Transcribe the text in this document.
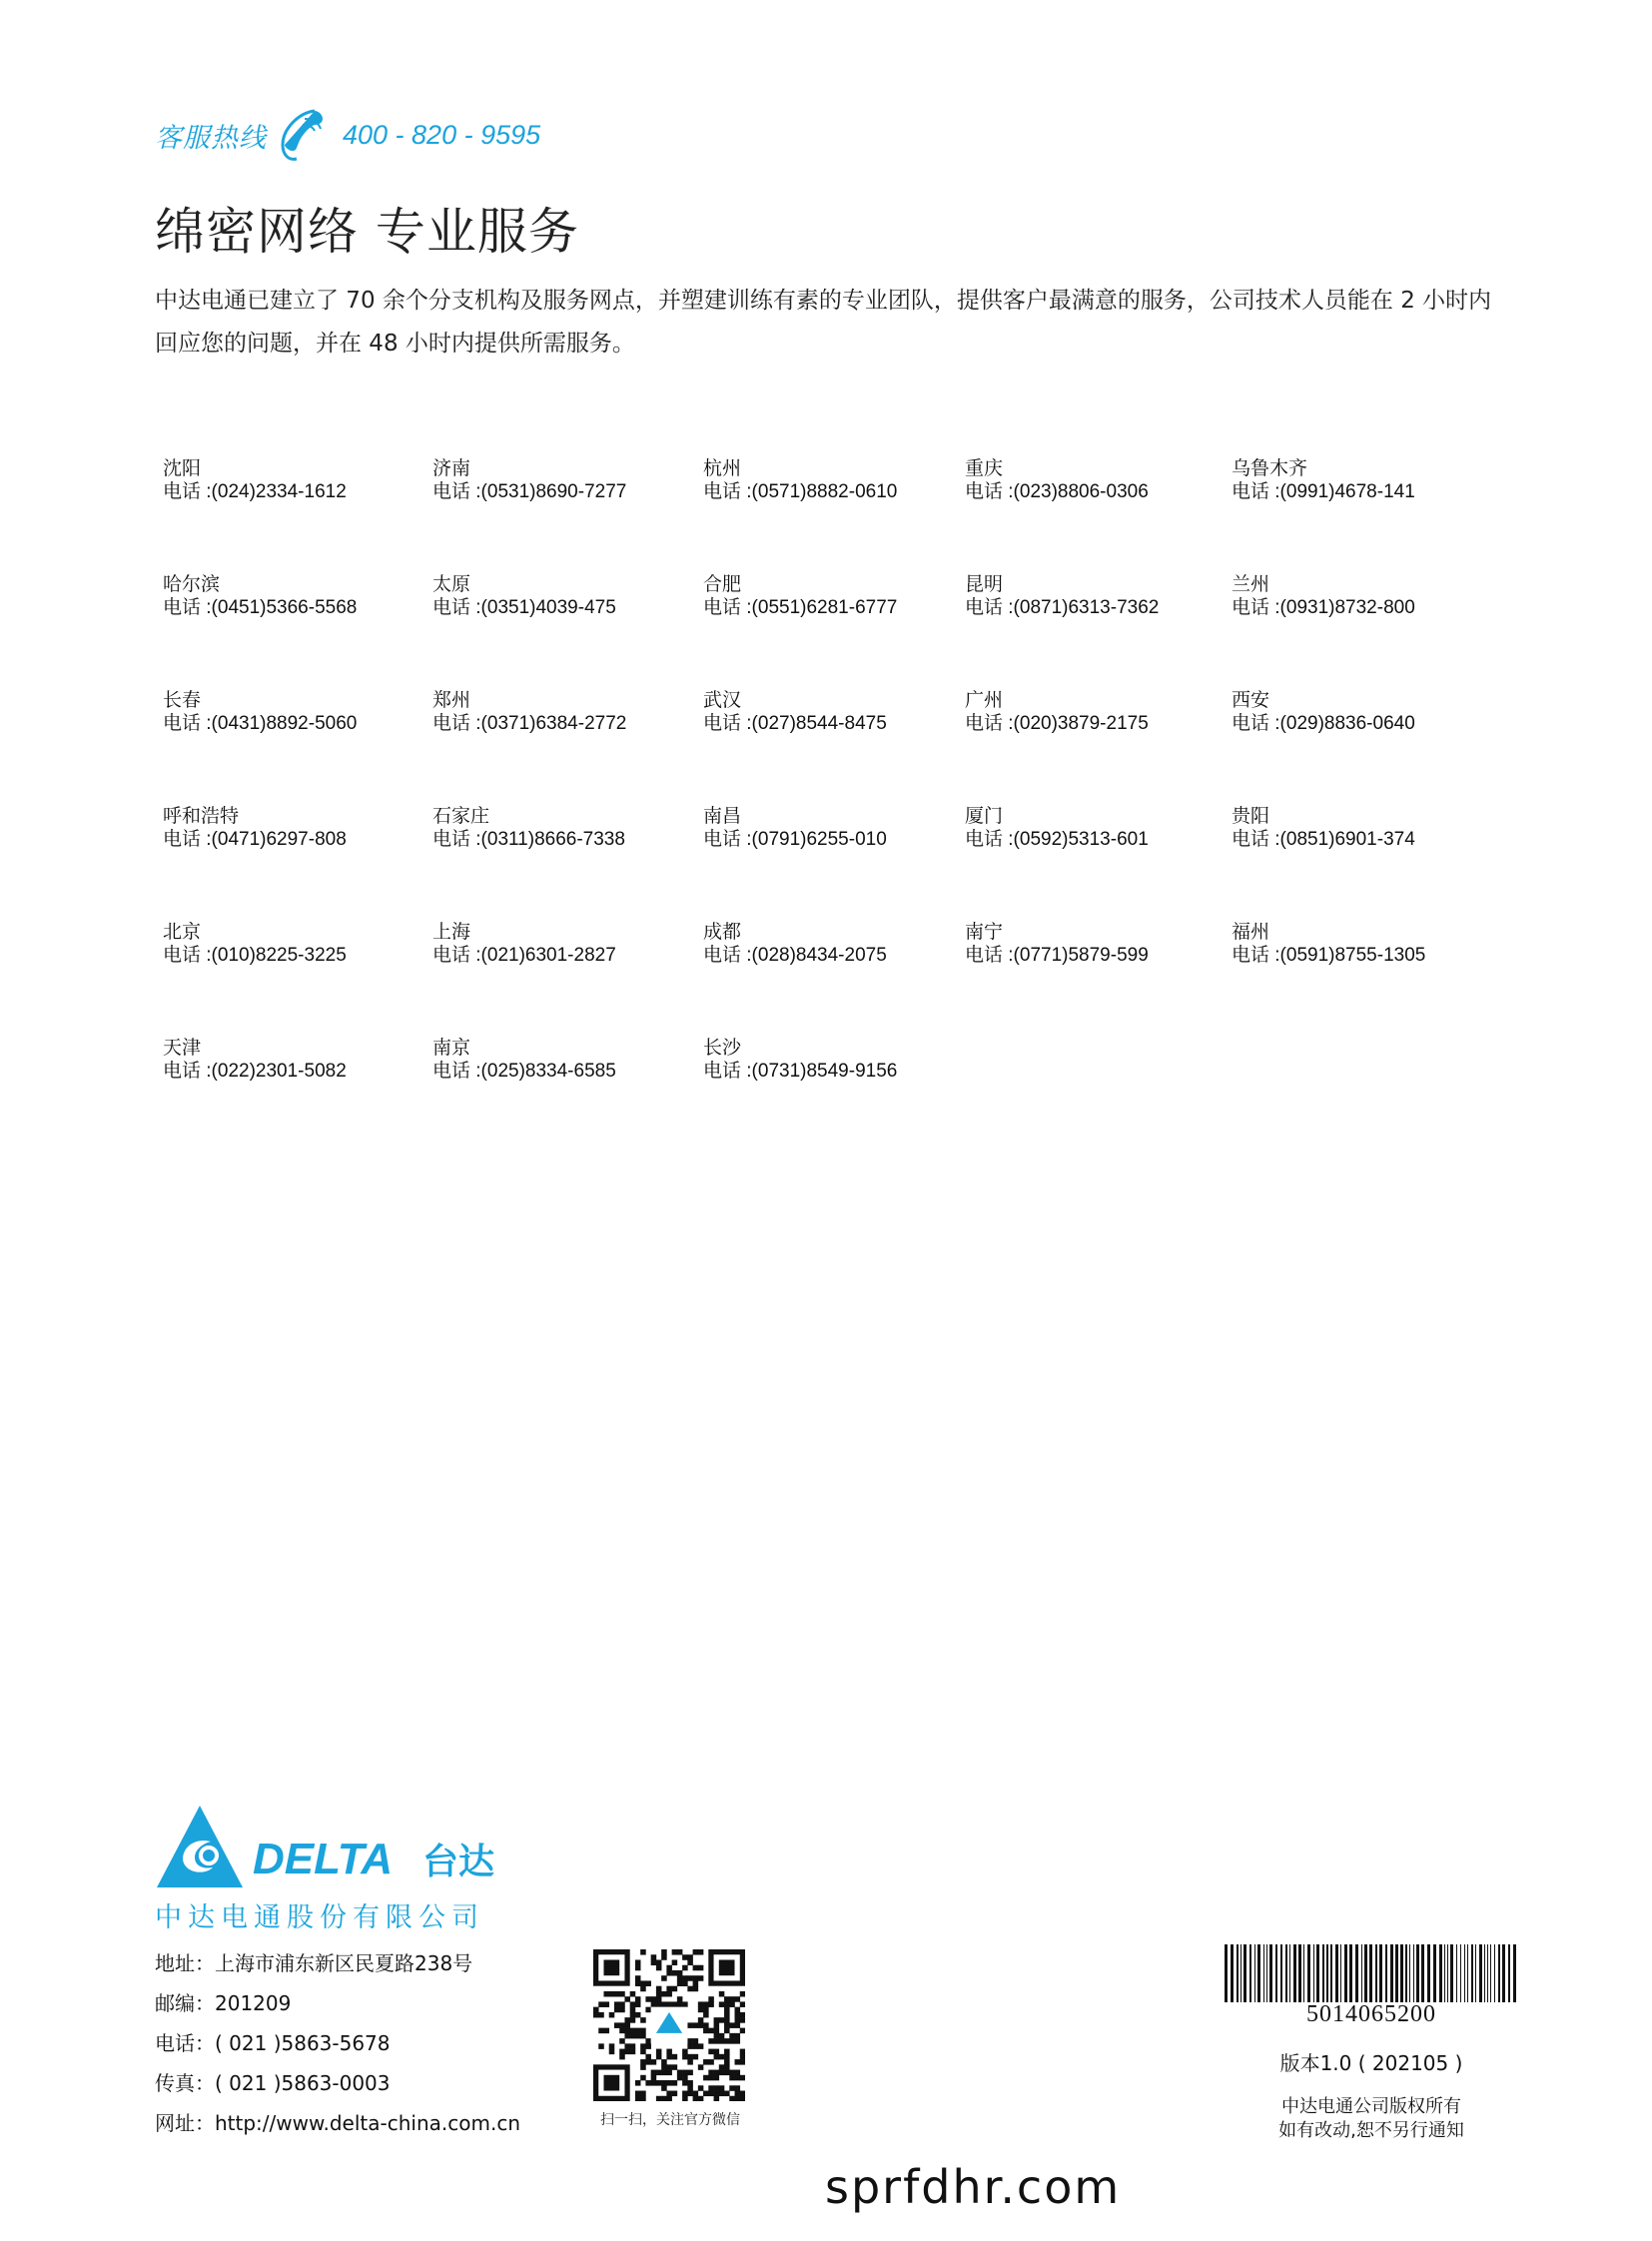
客服热线	400 - 820 - 9595
绵密网络 专业服务
中达电通已建立了 70 余个分支机构及服务网点，并塑建训练有素的专业团队，提供客户最满意的服务，公司技术人员能在 2 小时内回应您的问题，并在 48 小时内提供所需服务。
沈阳
电话 :(024)2334-1612
济南
电话 :(0531)8690-7277
杭州
电话 :(0571)8882-0610
重庆
电话 :(023)8806-0306
乌鲁木齐
电话 :(0991)4678-141
哈尔滨
电话 :(0451)5366-5568
太原
电话 :(0351)4039-475
合肥
电话 :(0551)6281-6777
昆明
电话 :(0871)6313-7362
兰州
电话 :(0931)8732-800
长春
电话 :(0431)8892-5060
郑州
电话 :(0371)6384-2772
武汉
电话 :(027)8544-8475
广州
电话 :(020)3879-2175
西安
电话 :(029)8836-0640
呼和浩特
电话 :(0471)6297-808
石家庄
电话 :(0311)8666-7338
南昌
电话 :(0791)6255-010
厦门
电话 :(0592)5313-601
贵阳
电话 :(0851)6901-374
北京
电话 :(010)8225-3225
上海
电话 :(021)6301-2827
成都
电话 :(028)8434-2075
南宁
电话 :(0771)5879-599
福州
电话 :(0591)8755-1305
天津
电话 :(022)2301-5082
南京
电话 :(025)8334-6585
长沙
电话 :(0731)8549-9156
DELTA 台达
中达电通股份有限公司
地址：上海市浦东新区民夏路238号
邮编：201209
电话：( 021 )5863-5678
传真：( 021 )5863-0003
网址：http://www.delta-china.com.cn	扫一扫，关注官方微信
5014065200
版本1.0 ( 202105 )
中达电通公司版权所有
如有改动,恕不另行通知
sprfdhr.com
